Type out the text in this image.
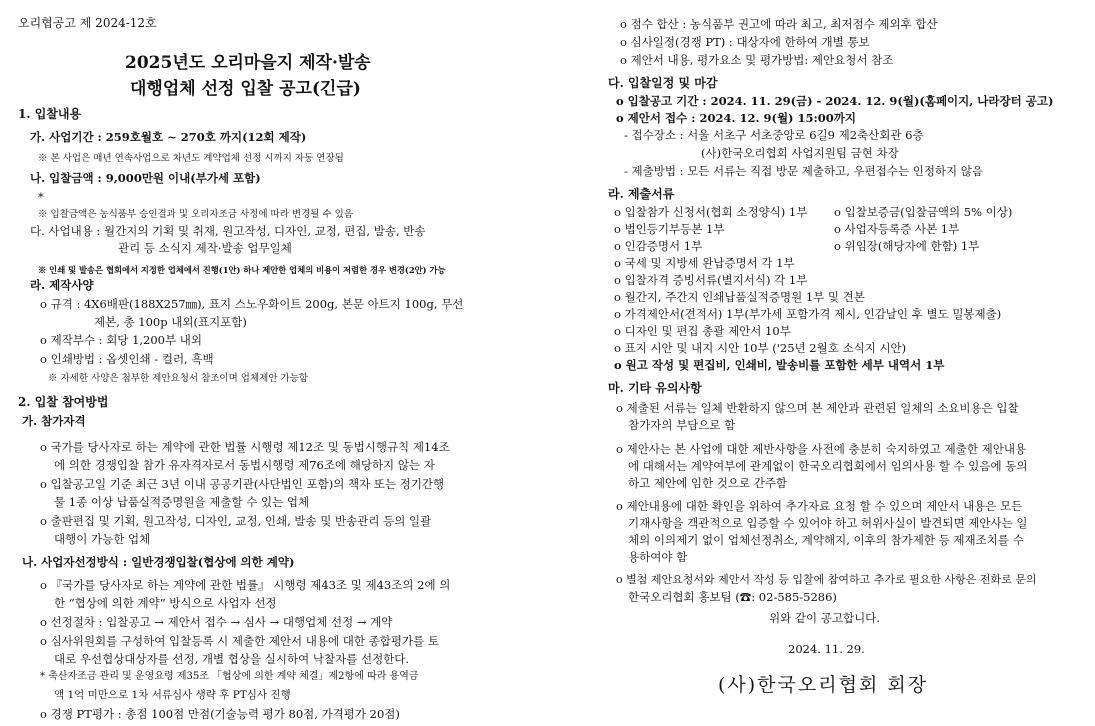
오리협공고 제 2024-12호
2025년도 오리마을지 제작·발송
대행업체 선정 입찰 공고(긴급)
1. 입찰내용
가. 사업기간 : 259호월호 ~ 270호 까지(12회 제작)
※ 본 사업은 매년 연속사업으로 차년도 계약업체 선정 시까지 자동 연장됨
나. 입찰금액 : 9,000만원 이내(부가세 포함)
*
※ 입찰금액은 농식품부 승인결과 및 오리자조금 사정에 따라 변경될 수 있음
다. 사업내용 : 월간지의 기획 및 취재, 원고작성, 디자인, 교정, 편집, 발송, 반송
관리 등 소식지 제작·발송 업무일체
※ 인쇄 및 발송은 협회에서 지정한 업체에서 진행(1안) 하나 제안한 업체의 비용이 저렴한 경우 변경(2안) 가능
라. 제작사양
o 규격 : 4X6배판(188X257㎜), 표지 스노우화이트 200g, 본문 아트지 100g, 무선
제본, 총 100p 내외(표지포함)
o 제작부수 : 회당 1,200부 내외
o 인쇄방법 : 옵셋인쇄 - 컬러, 흑백
※ 자세한 사양은 첨부한 제안요청서 참조이며 업체제안 가능함
2. 입찰 참여방법
가. 참가자격
o 국가를 당사자로 하는 계약에 관한 법률 시행령 제12조 및 동법시행규칙 제14조
에 의한 경쟁입찰 참가 유자격자로서 동법시행령 제76조에 해당하지 않는 자
o 입찰공고일 기준 최근 3년 이내 공공기관(사단법인 포함)의 책자 또는 정기간행
물 1종 이상 납품실적증명원을 제출할 수 있는 업체
o 출판편집 및 기획, 원고작성, 디자인, 교정, 인쇄, 발송 및 반송관리 등의 일괄
대행이 가능한 업체
나. 사업자선정방식 : 일반경쟁입찰(협상에 의한 계약)
o 『국가를 당사자로 하는 계약에 관한 법률』 시행령 제43조 및 제43조의 2에 의
한 “협상에 의한 계약” 방식으로 사업자 선정
o 선정절차 : 입찰공고 → 제안서 접수 → 심사 → 대행업체 선정 → 계약
o 심사위원회를 구성하여 입찰등록 시 제출한 제안서 내용에 대한 종합평가를 토
대로 우선협상대상자를 선정, 개별 협상을 실시하여 낙찰자를 선정한다.
* 축산자조금 관리 및 운영요령 제35조 「협상에 의한 계약 체결」제2항에 따라 용역금
액 1억 미만으로 1차 서류심사 생략 후 PT심사 진행
o 경쟁 PT평가 : 총점 100점 만점(기술능력 평가 80점, 가격평가 20점)
o 점수 합산 : 농식품부 권고에 따라 최고, 최저점수 제외후 합산
o 심사일정(경쟁 PT) : 대상자에 한하여 개별 통보
o 제안서 내용, 평가요소 및 평가방법: 제안요청서 참조
다. 입찰일정 및 마감
o 입찰공고 기간 : 2024. 11. 29(금) - 2024. 12. 9(월)(홈페이지, 나라장터 공고)
o 제안서 접수 : 2024. 12. 9(월) 15:00까지
- 접수장소 : 서울 서초구 서초중앙로 6길9 제2축산회관 6층
(사)한국오리협회 사업지원팀 금현 차장
- 제출방법 : 모든 서류는 직접 방문 제출하고, 우편접수는 인정하지 않음
라. 제출서류
o 입찰참가 신청서(협회 소정양식) 1부 o 입찰보증금(입찰금액의 5% 이상)
o 법인등기부등본 1부	o 사업자등록증 사본 1부
o 인감증명서 1부	o 위임장(해당자에 한함) 1부
o 국세 및 지방세 완납증명서 각 1부
o 입찰자격 증빙서류(별지서식) 각 1부
o 월간지, 주간지 인쇄납품실적증명원 1부 및 견본
o 가격제안서(견적서) 1부(부가세 포함가격 제시, 인감날인 후 별도 밀봉제출)
o 디자인 및 편집 총괄 제안서 10부
o 표지 시안 및 내지 시안 10부 ('25년 2월호 소식지 시안)
o 원고 작성 및 편집비, 인쇄비, 발송비를 포함한 세부 내역서 1부
마. 기타 유의사항
o 제출된 서류는 일체 반환하지 않으며 본 제안과 관련된 일체의 소요비용은 입찰
참가자의 부담으로 함
o 제안사는 본 사업에 대한 제반사항을 사전에 충분히 숙지하였고 제출한 제안내용
에 대해서는 계약여부에 관계없이 한국오리협회에서 임의사용 할 수 있음에 동의
하고 제안에 임한 것으로 간주함
o 제안내용에 대한 확인을 위하여 추가자료 요청 할 수 있으며 제안서 내용은 모든
기재사항을 객관적으로 입증할 수 있어야 하고 허위사실이 발견되면 제안사는 일
체의 이의제기 없이 업체선정취소, 계약해지, 이후의 참가제한 등 제재조치를 수
용하여야 함
o 별첨 제안요청서와 제안서 작성 등 입찰에 참여하고 추가로 필요한 사항은 전화로 문의
한국오리협회 홍보팀 (☎: 02-585-5286)
위와 같이 공고합니다.
2024. 11. 29.
(사)한국오리협회 회장
